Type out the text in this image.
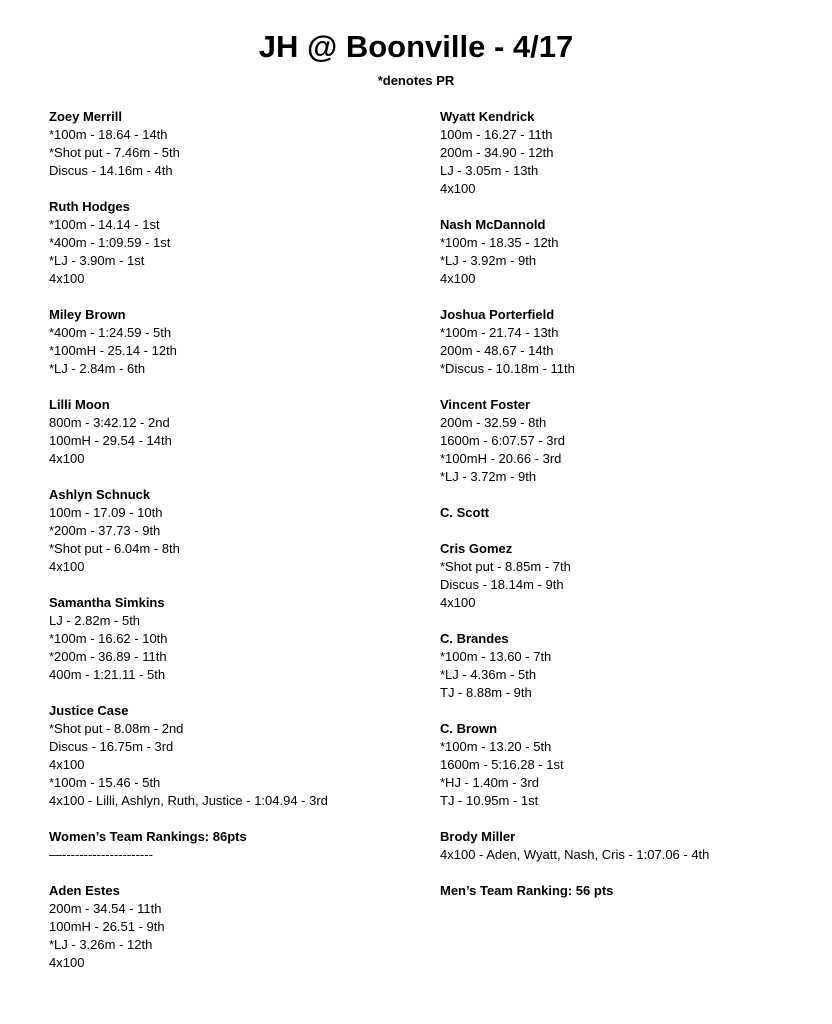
JH @ Boonville - 4/17
*denotes PR
Zoey Merrill
*100m - 18.64 - 14th
*Shot put - 7.46m - 5th
Discus - 14.16m - 4th
Ruth Hodges
*100m - 14.14 - 1st
*400m - 1:09.59 - 1st
*LJ - 3.90m - 1st
4x100
Miley Brown
*400m - 1:24.59 - 5th
*100mH - 25.14 - 12th
*LJ - 2.84m - 6th
Lilli Moon
800m - 3:42.12 - 2nd
100mH - 29.54 - 14th
4x100
Ashlyn Schnuck
100m - 17.09 - 10th
*200m - 37.73 - 9th
*Shot put - 6.04m - 8th
4x100
Samantha Simkins
LJ - 2.82m - 5th
*100m - 16.62 - 10th
*200m - 36.89 - 11th
400m - 1:21.11 - 5th
Justice Case
*Shot put - 8.08m - 2nd
Discus - 16.75m - 3rd
4x100
*100m - 15.46 - 5th
4x100 - Lilli, Ashlyn, Ruth, Justice - 1:04.94 - 3rd
Women’s Team Rankings: 86pts
—---------------------
Aden Estes
200m - 34.54 - 11th
100mH - 26.51 - 9th
*LJ - 3.26m - 12th
4x100
Wyatt Kendrick
100m - 16.27 - 11th
200m - 34.90 - 12th
LJ - 3.05m - 13th
4x100
Nash McDannold
*100m - 18.35 - 12th
*LJ - 3.92m - 9th
4x100
Joshua Porterfield
*100m - 21.74 - 13th
200m - 48.67 - 14th
*Discus - 10.18m - 11th
Vincent Foster
200m - 32.59 - 8th
1600m - 6:07.57 - 3rd
*100mH - 20.66 - 3rd
*LJ - 3.72m - 9th
C. Scott
Cris Gomez
*Shot put - 8.85m - 7th
Discus - 18.14m - 9th
4x100
C. Brandes
*100m - 13.60 - 7th
*LJ - 4.36m - 5th
TJ - 8.88m - 9th
C. Brown
*100m - 13.20 - 5th
1600m - 5:16.28 - 1st
*HJ - 1.40m - 3rd
TJ - 10.95m - 1st
Brody Miller
4x100 - Aden, Wyatt, Nash, Cris - 1:07.06 - 4th
Men’s Team Ranking: 56 pts
